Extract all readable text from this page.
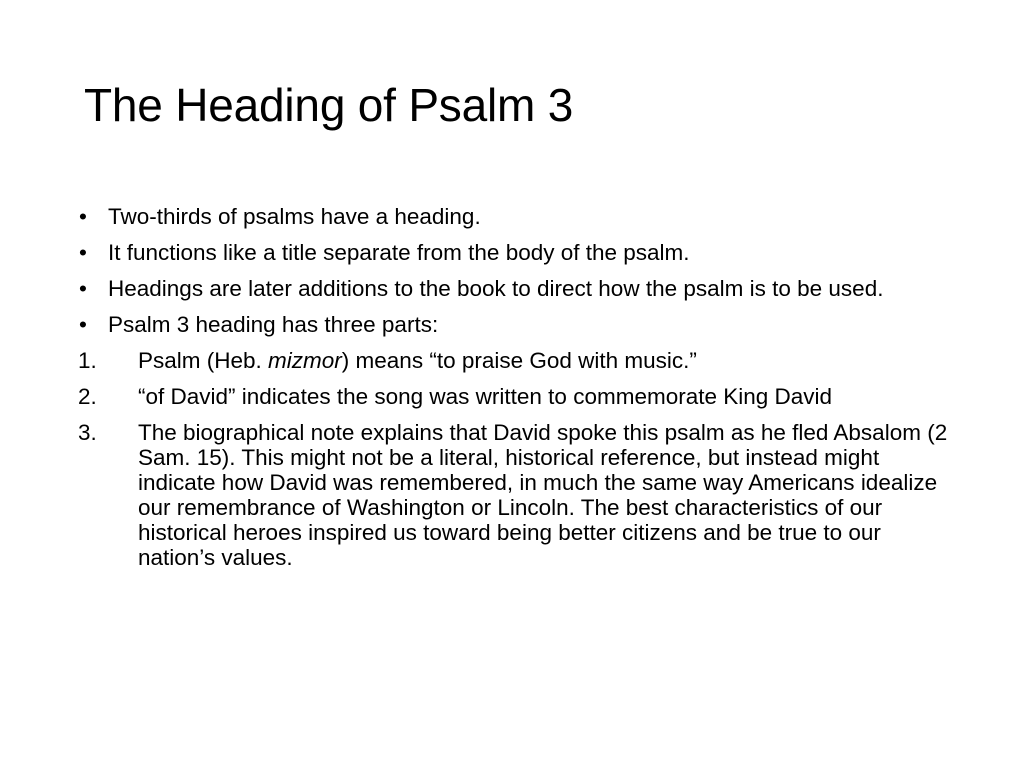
The Heading of Psalm 3
• Two-thirds of psalms have a heading.
• It functions like a title separate from the body of the psalm.
• Headings are later additions to the book to direct how the psalm is to be used.
• Psalm 3 heading has three parts:
1. Psalm (Heb. mizmor) means “to praise God with music.”
2. “of David” indicates the song was written to commemorate King David
3. The biographical note explains that David spoke this psalm as he fled Absalom (2 Sam. 15). This might not be a literal, historical reference, but instead might indicate how David was remembered, in much the same way Americans idealize our remembrance of Washington or Lincoln. The best characteristics of our historical heroes inspired us toward being better citizens and be true to our nation’s values.
